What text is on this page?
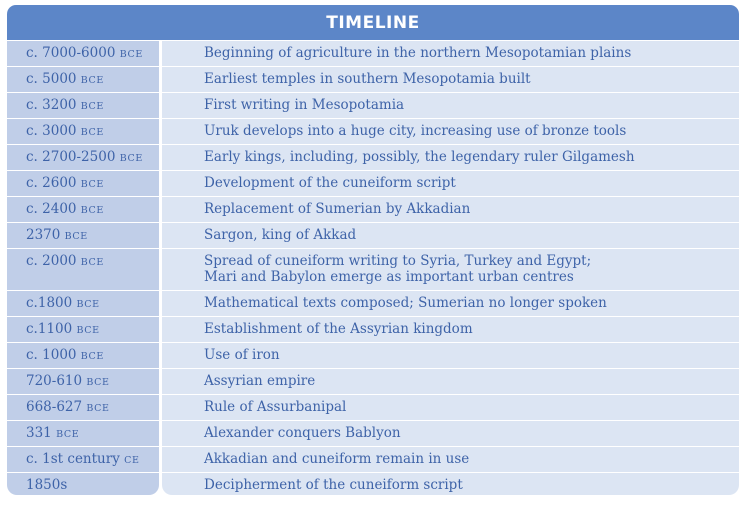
TIMELINE
c. 7000-6000 BCE	Beginning of agriculture in the northern Mesopotamian plains
c. 5000 BCE	Earliest temples in southern Mesopotamia built
c. 3200 BCE	First writing in Mesopotamia
c. 3000 BCE	Uruk develops into a huge city, increasing use of bronze tools
c. 2700-2500 BCE	Early kings, including, possibly, the legendary ruler Gilgamesh
c. 2600 BCE	Development of the cuneiform script
c. 2400 BCE	Replacement of Sumerian by Akkadian
2370 BCE	Sargon, king of Akkad
c. 2000 BCE	Spread of cuneiform writing to Syria, Turkey and Egypt;
Mari and Babylon emerge as important urban centres
c.1800 BCE	Mathematical texts composed; Sumerian no longer spoken
c.1100 BCE	Establishment of the Assyrian kingdom
c. 1000 BCE	Use of iron
720-610 BCE	Assyrian empire
668-627 BCE	Rule of Assurbanipal
331 BCE	Alexander conquers Bablyon
c. 1st century CE	Akkadian and cuneiform remain in use
1850s	Decipherment of the cuneiform script
